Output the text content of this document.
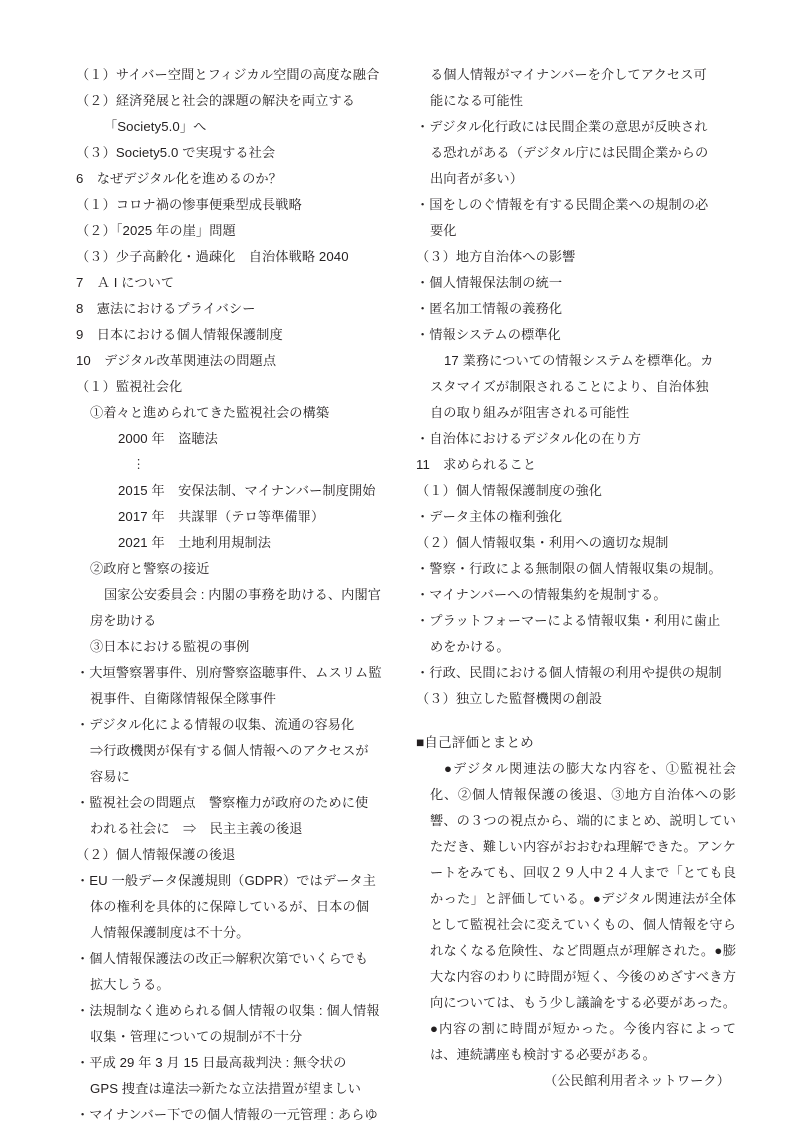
（１）サイバー空間とフィジカル空間の高度な融合
（２）経済発展と社会的課題の解決を両立する
「Society5.0」へ
（３）Society5.0 で実現する社会
6　なぜデジタル化を進めるのか？
（１）コロナ禍の惨事便乗型成長戦略
（２）「2025 年の崖」問題
（３）少子高齢化・過疎化　自治体戦略 2040
7　Ａ I について
8　憲法におけるプライバシー
9　日本における個人情報保護制度
10　デジタル改革関連法の問題点
（１）監視社会化
①着々と進められてきた監視社会の構築
2000 年　盗聴法
︙
2015 年　安保法制、マイナンバー制度開始
2017 年　共謀罪（テロ等準備罪）
2021 年　土地利用規制法
②政府と警察の接近
国家公安委員会 : 内閣の事務を助ける、内閣官
房を助ける
③日本における監視の事例
・大垣警察署事件、別府警察盗聴事件、ムスリム監
視事件、自衛隊情報保全隊事件
・デジタル化による情報の収集、流通の容易化
⇒行政機関が保有する個人情報へのアクセスが
容易に
・監視社会の問題点　警察権力が政府のために使
われる社会に　⇒　民主主義の後退
（２）個人情報保護の後退
・EU 一般データ保護規則（GDPR）ではデータ主
体の権利を具体的に保障しているが、日本の個
人情報保護制度は不十分。
・個人情報保護法の改正⇒解釈次第でいくらでも
拡大しうる。
・法規制なく進められる個人情報の収集 : 個人情報
収集・管理についての規制が不十分
・平成 29 年 3 月 15 日最高裁判決 : 無令状の
GPS 捜査は違法⇒新たな立法措置が望ましい
・マイナンバー下での個人情報の一元管理 : あらゆ
る個人情報がマイナンバーを介してアクセス可
能になる可能性
・デジタル化行政には民間企業の意思が反映され
る恐れがある（デジタル庁には民間企業からの
出向者が多い）
・国をしのぐ情報を有する民間企業への規制の必
要化
（３）地方自治体への影響
・個人情報保法制の統一
・匿名加工情報の義務化
・情報システムの標準化
17 業務についての情報システムを標準化。カ
スタマイズが制限されることにより、自治体独
自の取り組みが阻害される可能性
・自治体におけるデジタル化の在り方
11　求められること
（１）個人情報保護制度の強化
・データ主体の権利強化
（２）個人情報収集・利用への適切な規制
・警察・行政による無制限の個人情報収集の規制。
・マイナンバーへの情報集約を規制する。
・プラットフォーマーによる情報収集・利用に歯止
めをかける。
・行政、民間における個人情報の利用や提供の規制
（３）独立した監督機関の創設
■自己評価とまとめ
●デジタル関連法の膨大な内容を、①監視社会化、②個人情報保護の後退、③地方自治体への影響、の３つの視点から、端的にまとめ、説明していただき、難しい内容がおおむね理解できた。アンケートをみても、回収２９人中２４人まで「とても良かった」と評価している。●デジタル関連法が全体として監視社会に変えていくもの、個人情報を守られなくなる危険性、など問題点が理解された。●膨大な内容のわりに時間が短く、今後のめざすべき方向については、もう少し議論をする必要があった。●内容の割に時間が短かった。今後内容によっては、連続講座も検討する必要がある。
（公民館利用者ネットワーク）
